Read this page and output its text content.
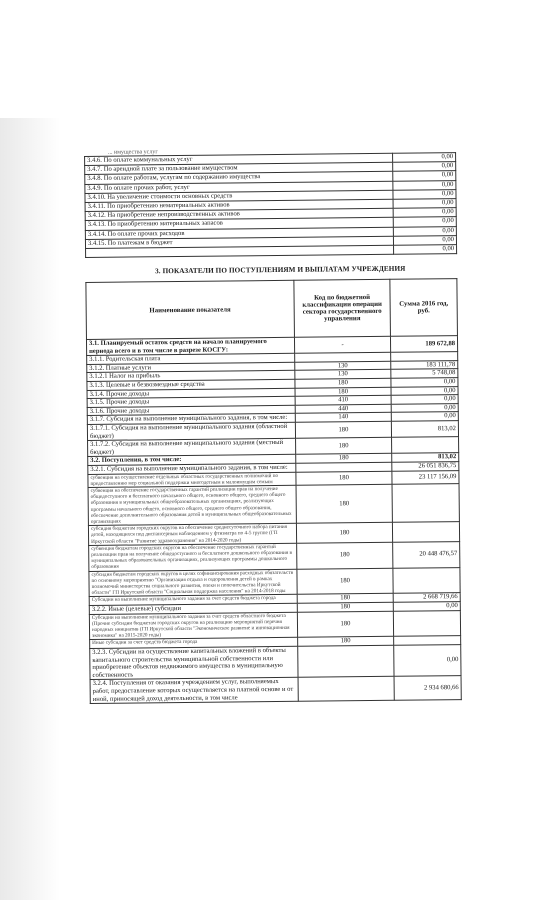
... имущества услуг
3.4.6. По оплате коммунальных услуг	0,00
3.4.7. По арендной плате за пользование имуществом	0,00
3.4.8. По оплате работам, услугам по содержанию имущества	0,00
3.4.9. По оплате прочих работ, услуг	0,00
3.4.10. На увеличение стоимости основных средств	0,00
3.4.11. По приобретению нематериальных активов	0,00
3.4.12. На приобретение непроизводственных активов	0,00
3.4.13. По приобретению материальных запасов	0,00
3.4.14. По оплате прочих расходов	0,00
3.4.15. По платежам в бюджет	0,00
	0,00
3. ПОКАЗАТЕЛИ ПО ПОСТУПЛЕНИЯМ И ВЫПЛАТАМ УЧРЕЖДЕНИЯ
Наименование показателя	Код по бюджетной классификации операции сектора государственного управления	Сумма 2016 год, руб.
3.1. Планируемый остаток средств на начало планируемого периода всего и в том числе в разрезе КОСГУ:	-	189 672,88
3.1.1. Родительская плата		
3.1.2. Платные услуги	130	183 111,78
3.1.2.1 Налог на прибыль	130	5 748,08
3.1.3. Целевые и безвозмездные средства	180	0,00
3.1.4. Прочие доходы	180	0,00
3.1.5. Прочие доходы	410	0,00
3.1.6. Прочие доходы	440	0,00
3.1.7. Субсидия на выполнение муниципального задания, в том числе:	140	0,00
3.1.7.1. Субсидия на выполнение муниципального задания (областной бюджет)	180	813,02
3.1.7.2. Субсидия на выполнение муниципального задания (местный бюджет)	180	
3.2. Поступления, в том числе:	180	813,02
3.2.1. Субсидия на выполнение муниципального задания, в том числе:		26 051 836,75
субвенция на осуществление отдельных областных государственных полномочий по предоставлению мер социальной поддержки многодетным и малоимущим семьям	180	23 117 156,09
субвенция на обеспечение государственных гарантий реализации прав на получение общедоступного и бесплатного начального общего, основного общего, среднего общего образования в муниципальных общеобразовательных организациях, реализующих программы начального общего, основного общего, среднего общего образования, обеспечение дополнительного образования детей в муниципальных общеобразовательных организациях	180	
субсидия бюджетам городских округов на обеспечение среднесуточного набора питания детей, находящихся под диспансерным наблюдением у фтизиатра по 4-5 группе (ГП Иркутской области "Развитие здравоохранения" на 2014-2020 годы)	180	
субвенция бюджетам городских округов на обеспечение государственных гарантий реализации прав на получение общедоступного и бесплатного дошкольного образования в муниципальных образовательных организациях, реализующих программы дошкольного образования	180	20 448 476,57
субсидия бюджетам городских округов в целях софинансирования расходных обязательств по основному мероприятию "Организация отдыха и оздоровления детей в рамках полномочий министерства социального развития, опеки и попечительства Иркутской области" ГП Иркутской области "Социальная поддержка населения" на 2014-2018 годы	180	
Субсидии на выполнение муниципального задания за счет средств бюджета города	180	2 668 719,66
3.2.2. Иные (целевые) субсидии	180	0,00
Субсидии на выполнение муниципального задания за счет средств областного бюджета (Прочие субсидии бюджетам городских округов на реализацию мероприятий перечня народных инициатив (ГП Иркутской области "Экономическое развитие и инновационная экономика" на 2015-2020 годы)	180	
Иные субсидии за счет средств бюджета города	180	
3.2.3. Субсидии на осуществление капитальных вложений в объекты капитального строительства муниципальной собственности или приобретение объектов недвижимого имущества в муниципальную собственность		0,00
3.2.4. Поступления от оказания учреждением услуг, выполняемых работ, предоставление которых осуществляется на платной основе и от иной, приносящей доход деятельности, в том числе		2 934 680,66
